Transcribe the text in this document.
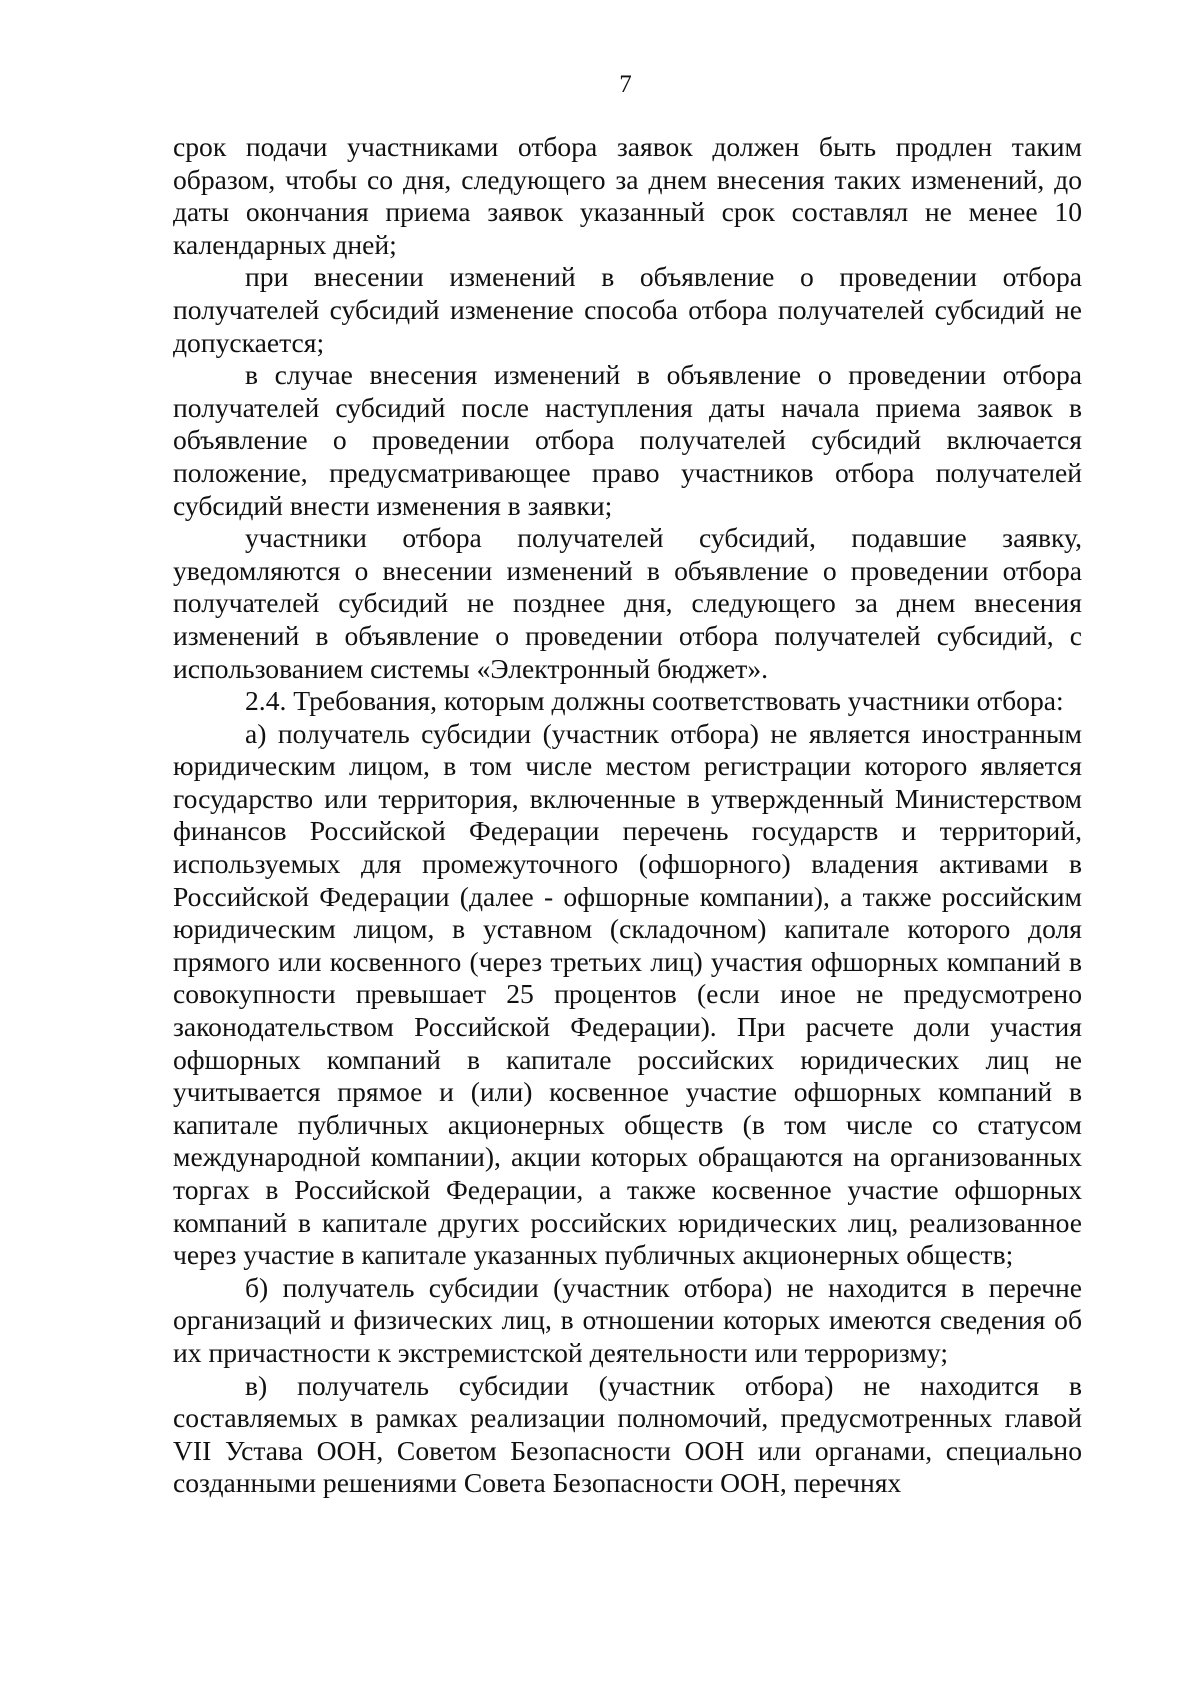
7

срок подачи участниками отбора заявок должен быть продлен таким образом, чтобы со дня, следующего за днем внесения таких изменений, до даты окончания приема заявок указанный срок составлял не менее 10 календарных дней;

при внесении изменений в объявление о проведении отбора получателей субсидий изменение способа отбора получателей субсидий не допускается;

в случае внесения изменений в объявление о проведении отбора получателей субсидий после наступления даты начала приема заявок в объявление о проведении отбора получателей субсидий включается положение, предусматривающее право участников отбора получателей субсидий внести изменения в заявки;

участники отбора получателей субсидий, подавшие заявку, уведомляются о внесении изменений в объявление о проведении отбора получателей субсидий не позднее дня, следующего за днем внесения изменений в объявление о проведении отбора получателей субсидий, с использованием системы «Электронный бюджет».

2.4. Требования, которым должны соответствовать участники отбора:

а) получатель субсидии (участник отбора) не является иностранным юридическим лицом, в том числе местом регистрации которого является государство или территория, включенные в утвержденный Министерством финансов Российской Федерации перечень государств и территорий, используемых для промежуточного (офшорного) владения активами в Российской Федерации (далее - офшорные компании), а также российским юридическим лицом, в уставном (складочном) капитале которого доля прямого или косвенного (через третьих лиц) участия офшорных компаний в совокупности превышает 25 процентов (если иное не предусмотрено законодательством Российской Федерации). При расчете доли участия офшорных компаний в капитале российских юридических лиц не учитывается прямое и (или) косвенное участие офшорных компаний в капитале публичных акционерных обществ (в том числе со статусом международной компании), акции которых обращаются на организованных торгах в Российской Федерации, а также косвенное участие офшорных компаний в капитале других российских юридических лиц, реализованное через участие в капитале указанных публичных акционерных обществ;

б) получатель субсидии (участник отбора) не находится в перечне организаций и физических лиц, в отношении которых имеются сведения об их причастности к экстремистской деятельности или терроризму;

в) получатель субсидии (участник отбора) не находится в составляемых в рамках реализации полномочий, предусмотренных главой VII Устава ООН, Советом Безопасности ООН или органами, специально созданными решениями Совета Безопасности ООН, перечнях
